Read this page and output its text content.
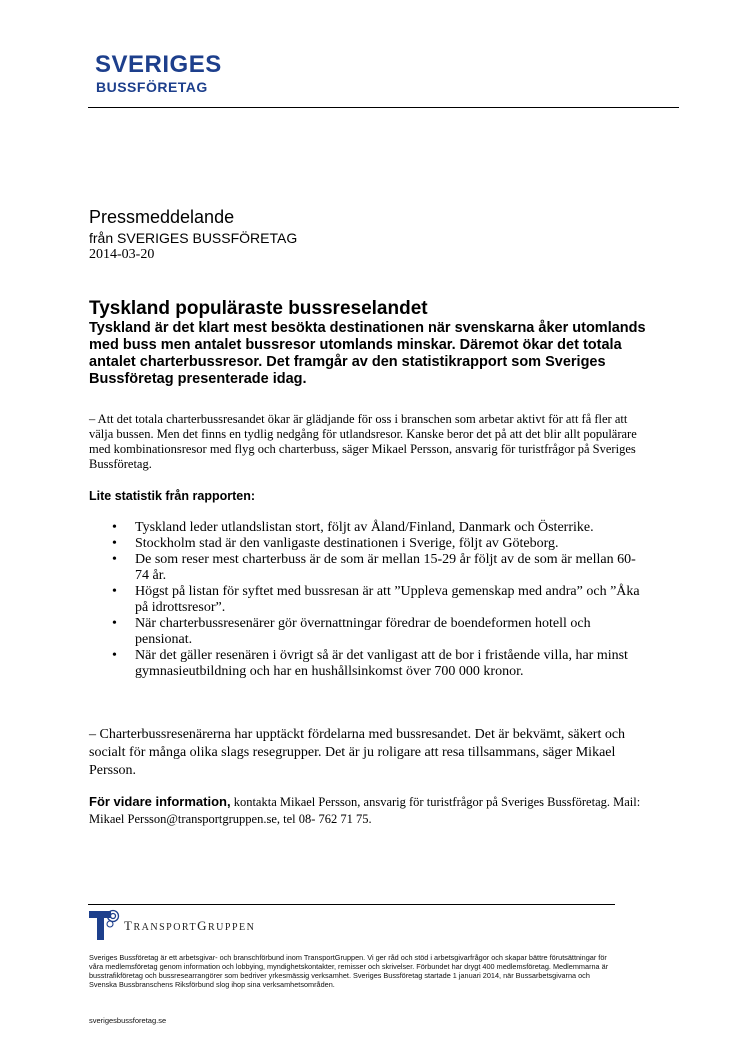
SVERIGES
BUSSFÖRETAG
Pressmeddelande
från SVERIGES BUSSFÖRETAG
2014-03-20
Tyskland populäraste bussreselandet
Tyskland är det klart mest besökta destinationen när svenskarna åker utomlands med buss men antalet bussresor utomlands minskar. Däremot ökar det totala antalet charterbussresor. Det framgår av den statistikrapport som Sveriges Bussföretag presenterade idag.
– Att det totala charterbussresandet ökar är glädjande för oss i branschen som arbetar aktivt för att få fler att välja bussen. Men det finns en tydlig nedgång för utlandsresor. Kanske beror det på att det blir allt populärare med kombinationsresor med flyg och charterbuss, säger Mikael Persson, ansvarig för turistfrågor på Sveriges Bussföretag.
Lite statistik från rapporten:
• Tyskland leder utlandslistan stort, följt av Åland/Finland, Danmark och Österrike.
• Stockholm stad är den vanligaste destinationen i Sverige, följt av Göteborg.
• De som reser mest charterbuss är de som är mellan 15-29 år följt av de som är mellan 60-74 år.
• Högst på listan för syftet med bussresan är att ”Uppleva gemenskap med andra” och ”Åka på idrottsresor”.
• När charterbussresenärer gör övernattningar föredrar de boendeformen hotell och pensionat.
• När det gäller resenären i övrigt så är det vanligast att de bor i fristående villa, har minst gymnasieutbildning och har en hushållsinkomst över 700 000 kronor.
– Charterbussresenärerna har upptäckt fördelarna med bussresandet. Det är bekvämt, säkert och socialt för många olika slags resegrupper. Det är ju roligare att resa tillsammans, säger Mikael Persson.
För vidare information, kontakta Mikael Persson, ansvarig för turistfrågor på Sveriges Bussföretag. Mail: Mikael Persson@transportgruppen.se, tel 08- 762 71 75.
TRANSPORTGRUPPEN
Sveriges Bussföretag är ett arbetsgivar- och branschförbund inom TransportGruppen. Vi ger råd och stöd i arbetsgivarfrågor och skapar bättre förutsättningar för våra medlemsföretag genom information och lobbying, myndighetskontakter, remisser och skrivelser. Förbundet har drygt 400 medlemsföretag. Medlemmarna är busstrafikföretag och bussresearrangörer som bedriver yrkesmässig verksamhet. Sveriges Bussföretag startade 1 januari 2014, när Bussarbetsgivarna och Svenska Bussbranschens Riksförbund slog ihop sina verksamhetsområden.
sverigesbussforetag.se
